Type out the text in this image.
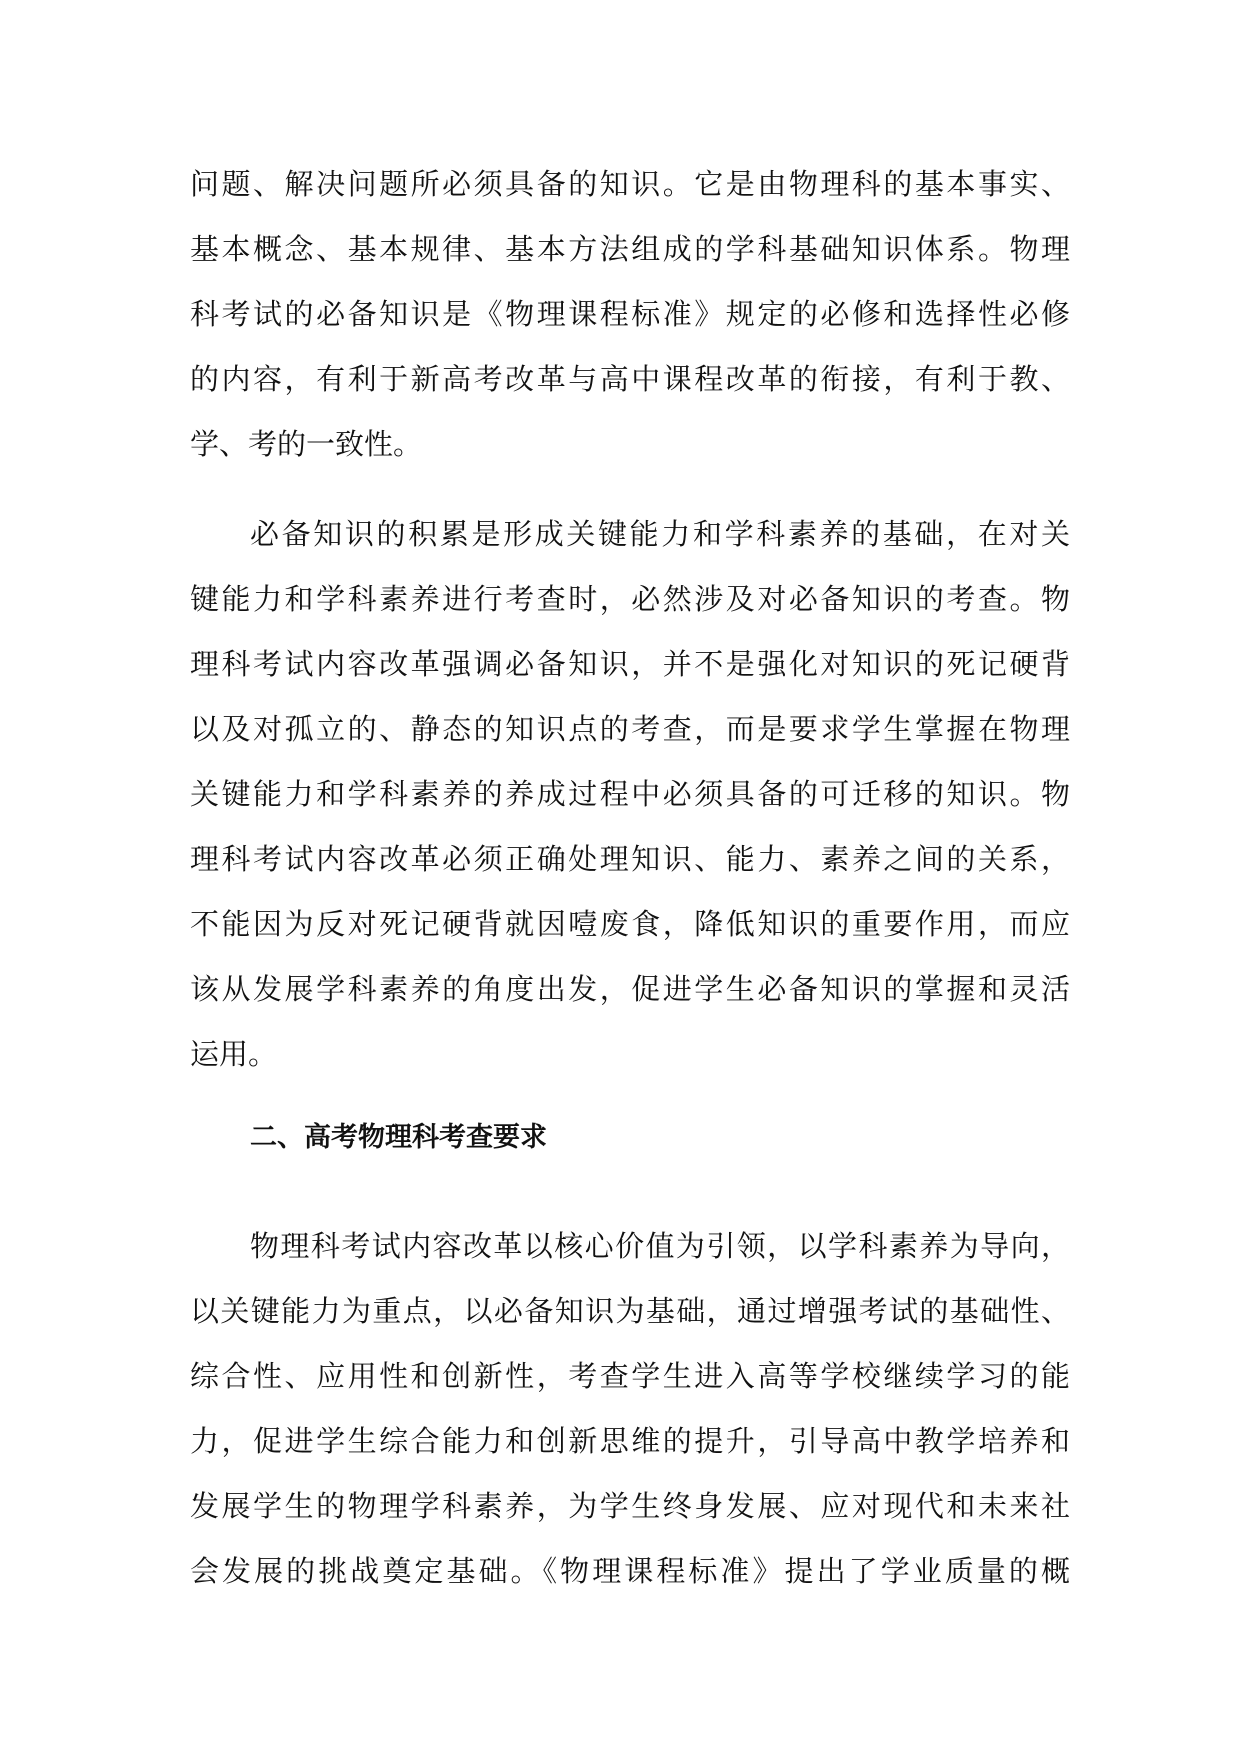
问题、解决问题所必须具备的知识。它是由物理科的基本事实、
基本概念、基本规律、基本方法组成的学科基础知识体系。物理
科考试的必备知识是《物理课程标准》规定的必修和选择性必修
的内容，有利于新高考改革与高中课程改革的衔接，有利于教、
学、考的一致性。
必备知识的积累是形成关键能力和学科素养的基础，在对关
键能力和学科素养进行考查时，必然涉及对必备知识的考查。物
理科考试内容改革强调必备知识，并不是强化对知识的死记硬背
以及对孤立的、静态的知识点的考查，而是要求学生掌握在物理
关键能力和学科素养的养成过程中必须具备的可迁移的知识。物
理科考试内容改革必须正确处理知识、能力、素养之间的关系，
不能因为反对死记硬背就因噎废食，降低知识的重要作用，而应
该从发展学科素养的角度出发，促进学生必备知识的掌握和灵活
运用。
二、高考物理科考查要求
物理科考试内容改革以核心价值为引领，以学科素养为导向，
以关键能力为重点，以必备知识为基础，通过增强考试的基础性、
综合性、应用性和创新性，考查学生进入高等学校继续学习的能
力，促进学生综合能力和创新思维的提升，引导高中教学培养和
发展学生的物理学科素养，为学生终身发展、应对现代和未来社
会发展的挑战奠定基础。《物理课程标准》提出了学业质量的概
